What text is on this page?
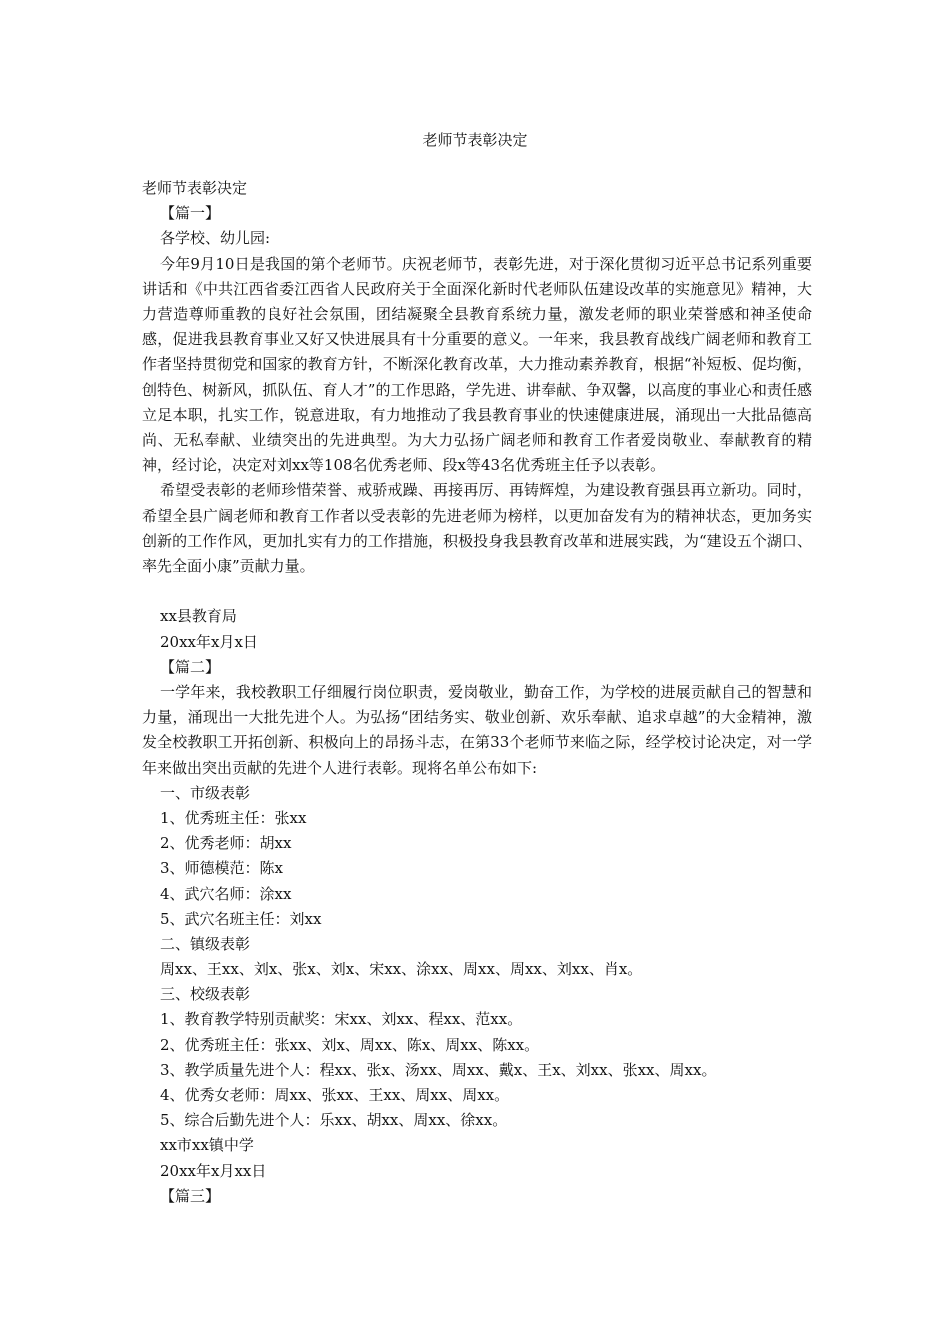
老师节表彰决定
老师节表彰决定
【篇一】
各学校、幼儿园:
今年9月10日是我国的第个老师节。庆祝老师节，表彰先进，对于深化贯彻习近平总书记系列重要讲话和《中共江西省委江西省人民政府关于全面深化新时代老师队伍建设改革的实施意见》精神，大力营造尊师重教的良好社会氛围，团结凝聚全县教育系统力量，激发老师的职业荣誉感和神圣使命感，促进我县教育事业又好又快进展具有十分重要的意义。一年来，我县教育战线广阔老师和教育工作者坚持贯彻党和国家的教育方针，不断深化教育改革，大力推动素养教育，根据“补短板、促均衡，创特色、树新风，抓队伍、育人才”的工作思路，学先进、讲奉献、争双馨，以高度的事业心和责任感立足本职，扎实工作，锐意进取，有力地推动了我县教育事业的快速健康进展，涌现出一大批品德高尚、无私奉献、业绩突出的先进典型。为大力弘扬广阔老师和教育工作者爱岗敬业、奉献教育的精神，经讨论，决定对刘xx等108名优秀老师、段x等43名优秀班主任予以表彰。
希望受表彰的老师珍惜荣誉、戒骄戒躁、再接再厉、再铸辉煌，为建设教育强县再立新功。同时，希望全县广阔老师和教育工作者以受表彰的先进老师为榜样，以更加奋发有为的精神状态，更加务实创新的工作作风，更加扎实有力的工作措施，积极投身我县教育改革和进展实践，为“建设五个湖口、率先全面小康”贡献力量。
xx县教育局
20xx年x月x日
【篇二】
一学年来，我校教职工仔细履行岗位职责，爱岗敬业，勤奋工作，为学校的进展贡献自己的智慧和力量，涌现出一大批先进个人。为弘扬“团结务实、敬业创新、欢乐奉献、追求卓越”的大金精神，激发全校教职工开拓创新、积极向上的昂扬斗志，在第33个老师节来临之际，经学校讨论决定，对一学年来做出突出贡献的先进个人进行表彰。现将名单公布如下:
一、市级表彰
1、优秀班主任：张xx
2、优秀老师：胡xx
3、师德模范：陈x
4、武穴名师：涂xx
5、武穴名班主任：刘xx
二、镇级表彰
周xx、王xx、刘x、张x、刘x、宋xx、涂xx、周xx、周xx、刘xx、肖x。
三、校级表彰
1、教育教学特别贡献奖：宋xx、刘xx、程xx、范xx。
2、优秀班主任：张xx、刘x、周xx、陈x、周xx、陈xx。
3、教学质量先进个人：程xx、张x、汤xx、周xx、戴x、王x、刘xx、张xx、周xx。
4、优秀女老师：周xx、张xx、王xx、周xx、周xx。
5、综合后勤先进个人：乐xx、胡xx、周xx、徐xx。
xx市xx镇中学
20xx年x月xx日
【篇三】
